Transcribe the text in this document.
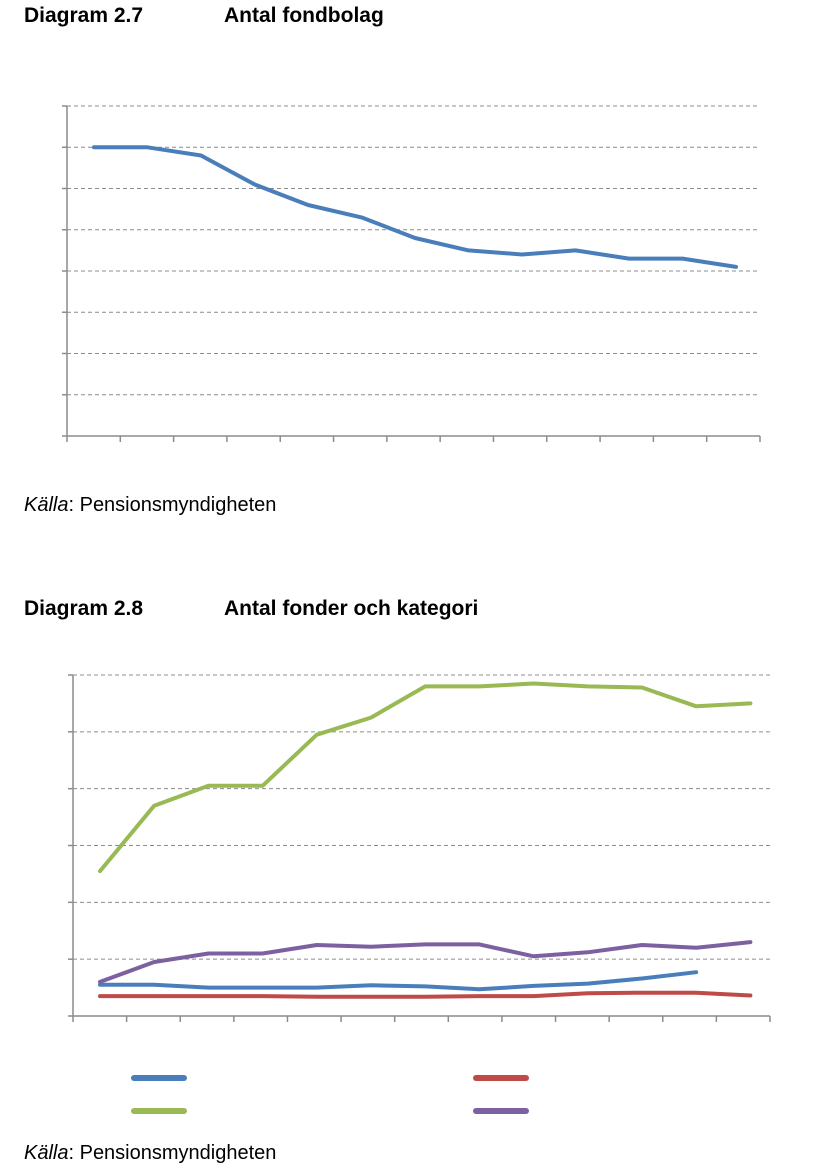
Diagram 2.7	Antal fondbolag
Källa: Pensionsmyndigheten
Diagram 2.8	Antal fonder och kategori
Källa: Pensionsmyndigheten
